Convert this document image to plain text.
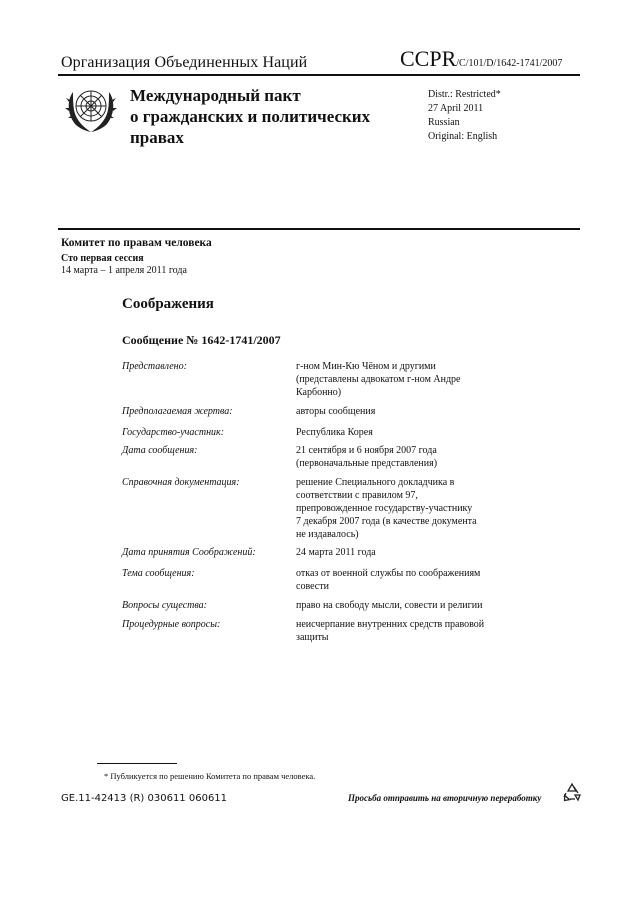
Организация Объединенных Наций	CCPR/C/101/D/1642-1741/2007
Международный пакт
о гражданских и политических
правах
Distr.: Restricted*
27 April 2011
Russian
Original: English
Комитет по правам человека
Сто первая сессия
14 марта – 1 апреля 2011 года
Соображения
Сообщение № 1642-1741/2007
Представлено:	г-ном Мин-Кю Чёном и другими
(представлены адвокатом г-ном Андре
Карбонно)
Предполагаемая жертва:	авторы сообщения
Государство-участник:	Республика Корея
Дата сообщения:	21 сентября и 6 ноября 2007 года
(первоначальные представления)
Справочная документация:	решение Специального докладчика в
соответствии с правилом 97,
препровожденное государству-участнику
7 декабря 2007 года (в качестве документа
не издавалось)
Дата принятия Соображений:	24 марта 2011 года
Тема сообщения:	отказ от военной службы по соображениям
совести
Вопросы существа:	право на свободу мысли, совести и религии
Процедурные вопросы:	неисчерпание внутренних средств правовой
защиты
* Публикуется по решению Комитета по правам человека.
GE.11-42413 (R) 030611 060611	Просьба отправить на вторичную переработку
